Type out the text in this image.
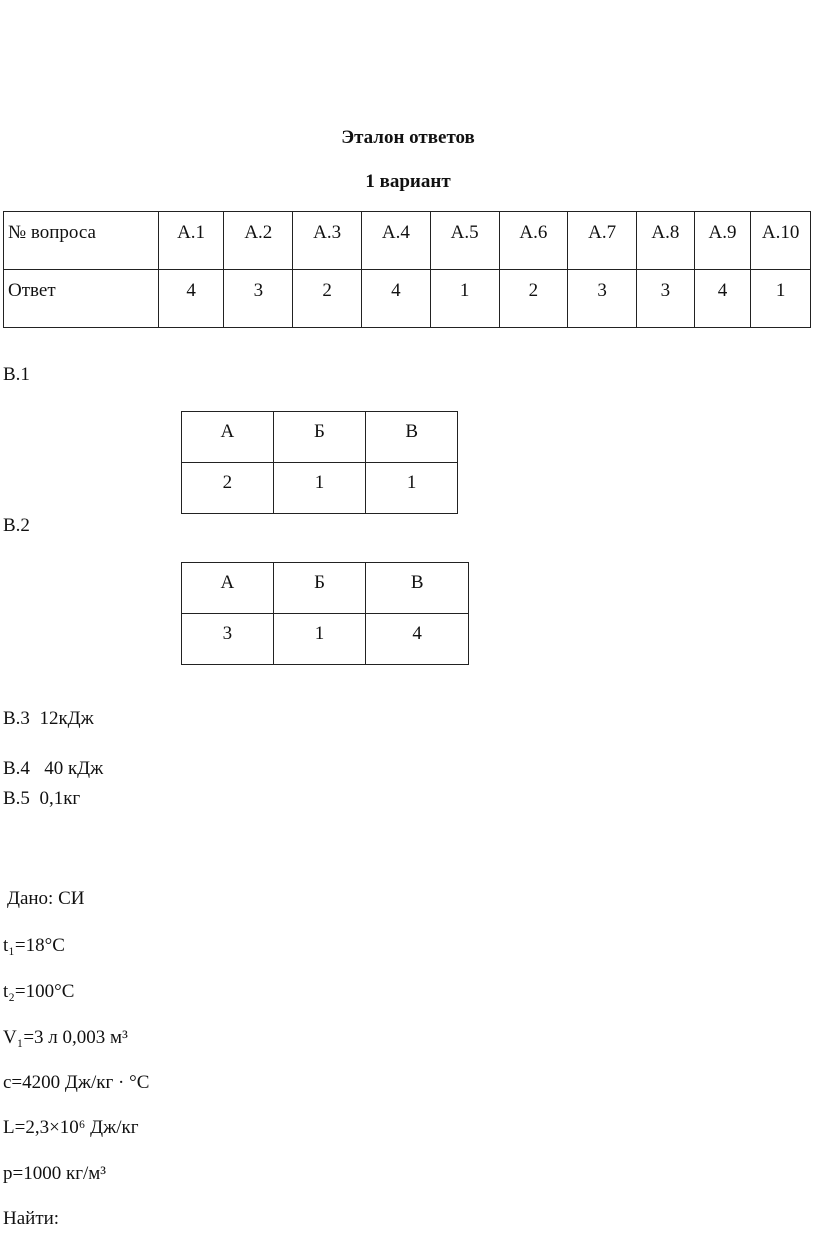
Эталон ответов
1 вариант
№ вопроса	А.1	А.2	А.3	А.4	А.5	А.6	А.7	А.8	А.9	А.10
Ответ	4	3	2	4	1	2	3	3	4	1
В.1
А	Б	В
2	1	1
В.2
А	Б	В
3	1	4
В.3 12кДж
В.4 40 кДж
В.5 0,1кг
Дано: СИ
t₁=18°C
t₂=100°C
V₁=3 л 0,003 м³
c=4200 Дж/кг · °C
L=2,3×10⁶ Дж/кг
p=1000 кг/м³
Найти:
